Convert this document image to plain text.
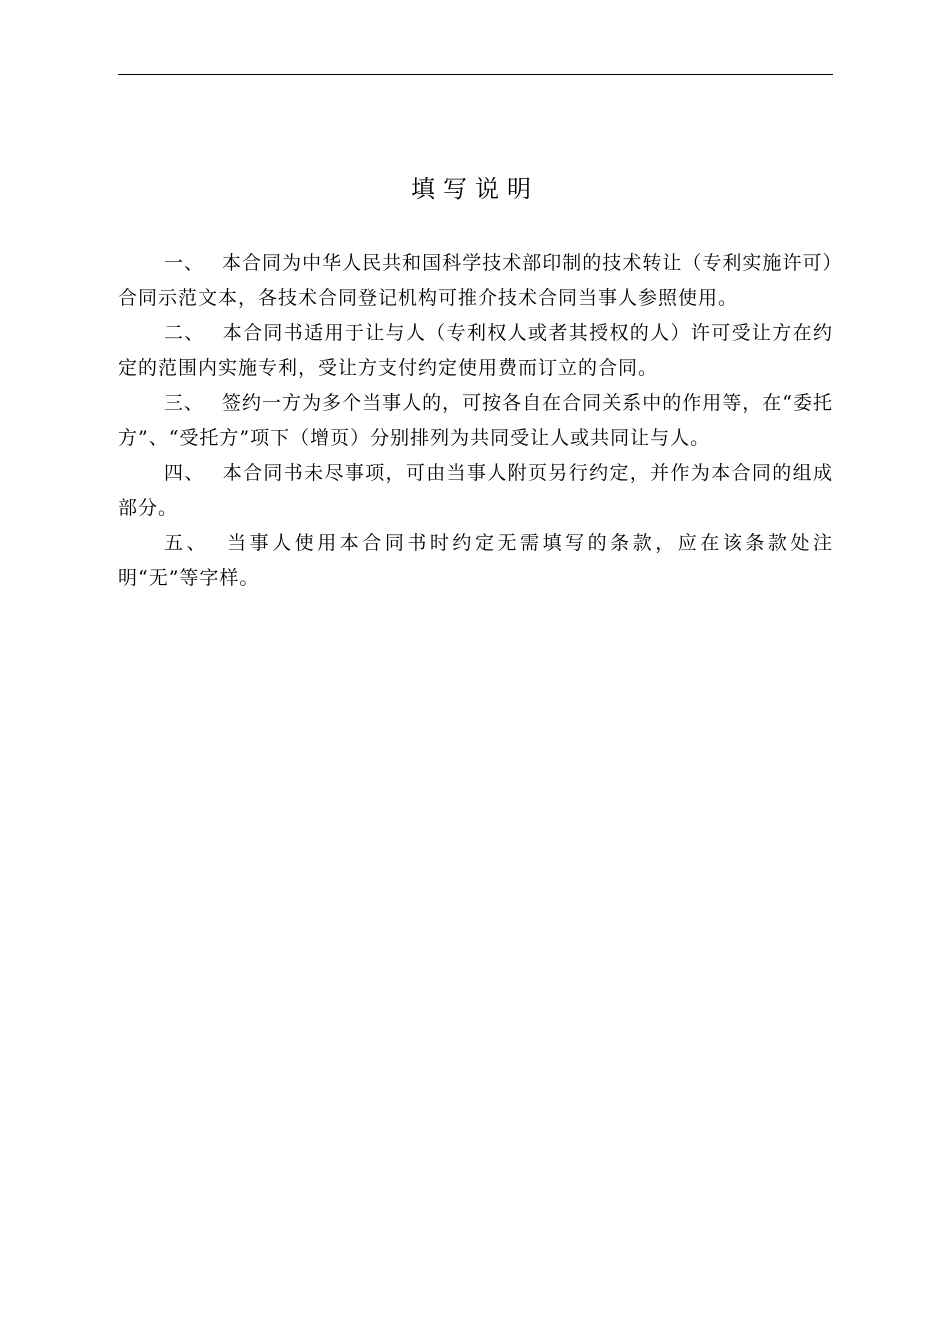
填写说明

一、 本合同为中华人民共和国科学技术部印制的技术转让（专利实施许可）合同示范文本，各技术合同登记机构可推介技术合同当事人参照使用。

二、 本合同书适用于让与人（专利权人或者其授权的人）许可受让方在约定的范围内实施专利，受让方支付约定使用费而订立的合同。

三、 签约一方为多个当事人的，可按各自在合同关系中的作用等，在“委托方”、“受托方”项下（增页）分别排列为共同受让人或共同让与人。

四、 本合同书未尽事项，可由当事人附页另行约定，并作为本合同的组成部分。

五、 当事人使用本合同书时约定无需填写的条款，应在该条款处注明“无”等字样。
